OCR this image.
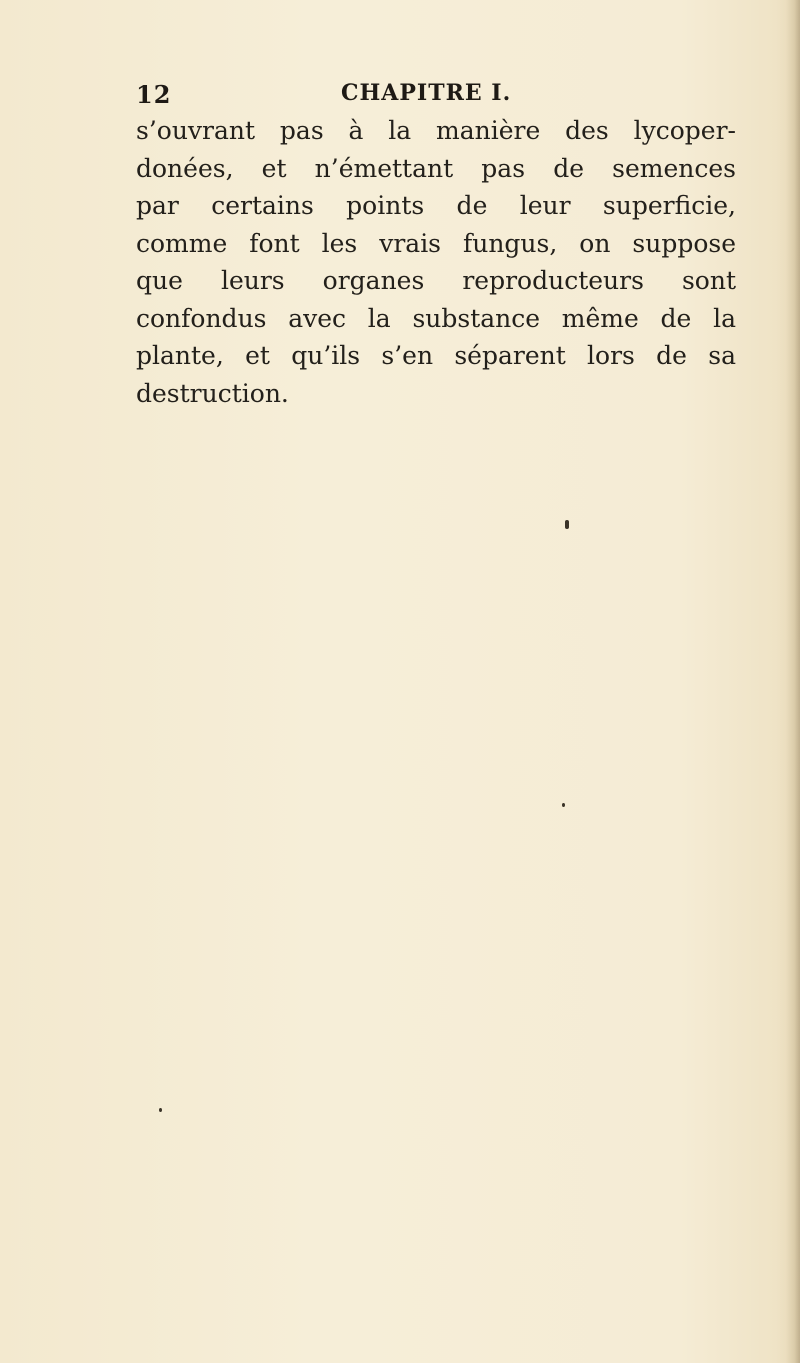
12	CHAPITRE I.
s’ouvrant pas à la manière des lycoper-
donées, et n’émettant pas de semences
par certains points de leur superficie,
comme font les vrais fungus, on suppose
que leurs organes reproducteurs sont
confondus avec la substance même de la
plante, et qu’ils s’en séparent lors de sa
destruction.
